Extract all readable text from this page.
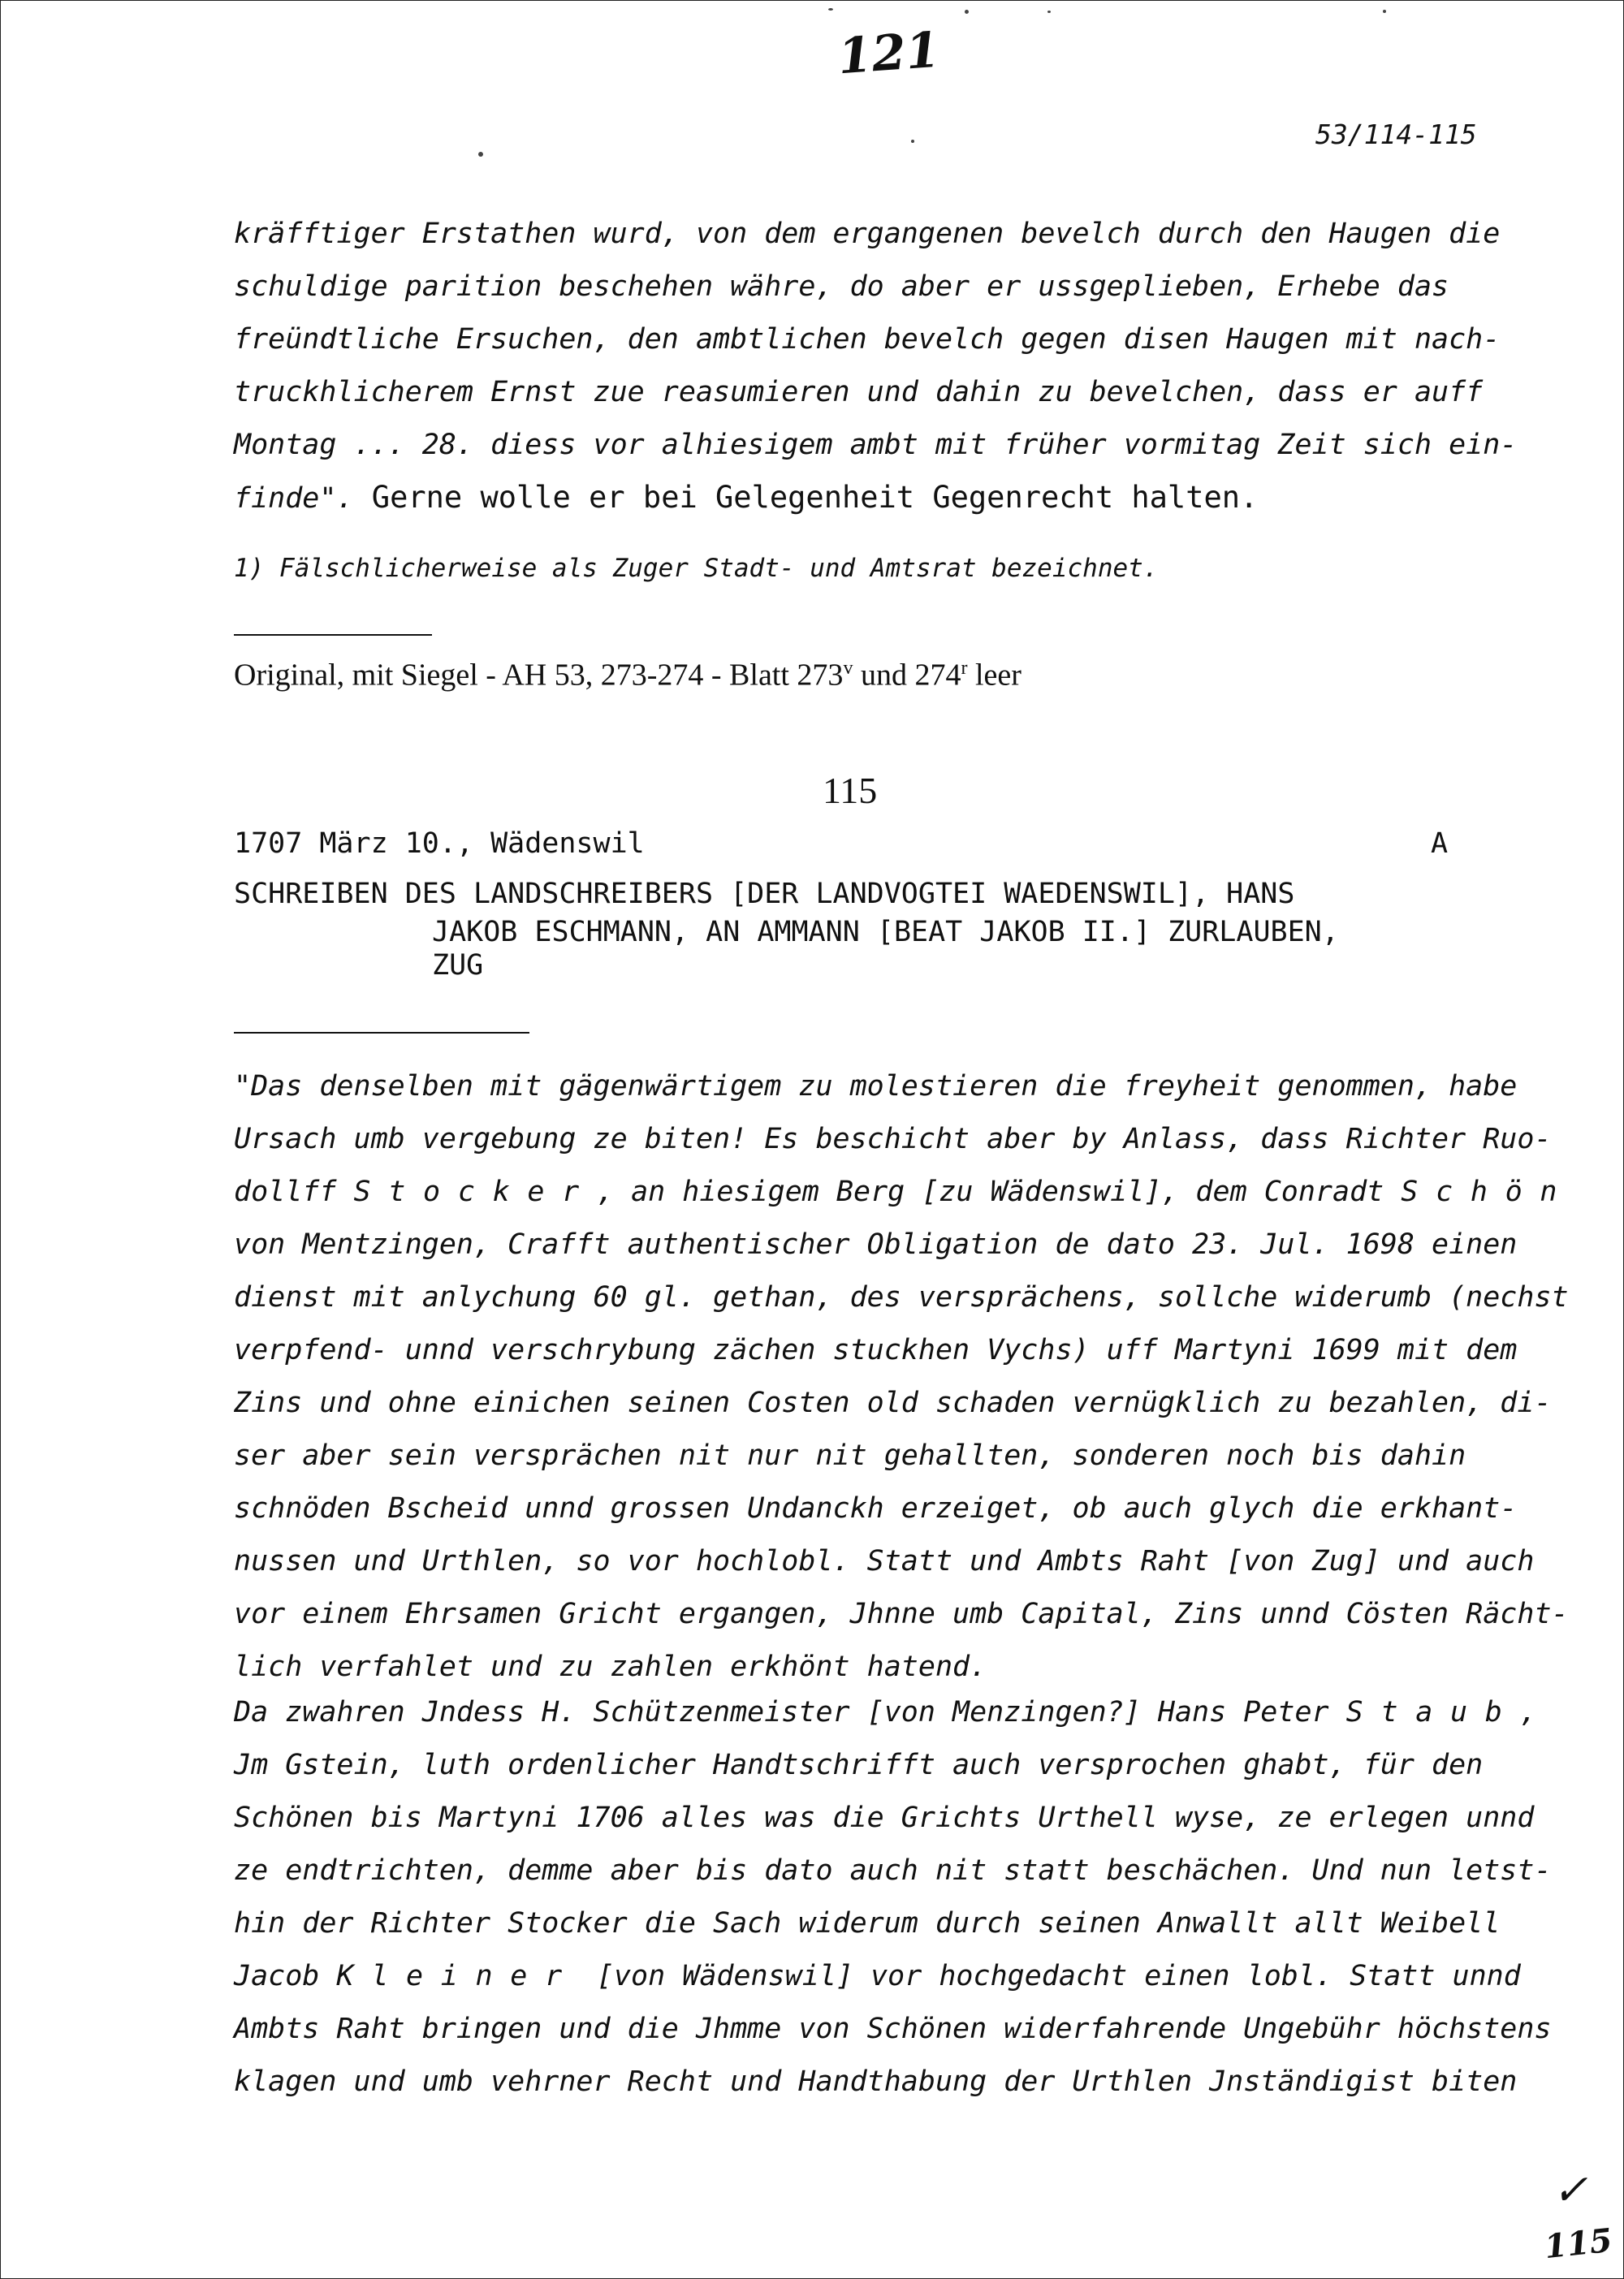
121
53/114-115
kräfftiger Erstathen wurd, von dem ergangenen bevelch durch den Haugen die
schuldige parition beschehen währe, do aber er ussgeplieben, Erhebe das
freündtliche Ersuchen, den ambtlichen bevelch gegen disen Haugen mit nach-
truckhlicherem Ernst zue reasumieren und dahin zu bevelchen, dass er auff
Montag ... 28. diess vor alhiesigem ambt mit früher vormitag Zeit sich ein-
finde". Gerne wolle er bei Gelegenheit Gegenrecht halten.
1) Fälschlicherweise als Zuger Stadt- und Amtsrat bezeichnet.
Original, mit Siegel - AH 53, 273-274 - Blatt 273$^v$ und 274$^r$ leer
115
1707 März 10., Wädenswil	A
SCHREIBEN DES LANDSCHREIBERS [DER LANDVOGTEI WAEDENSWIL], HANS
JAKOB ESCHMANN, AN AMMANN [BEAT JAKOB II.] ZURLAUBEN,
ZUG
"Das denselben mit gägenwärtigem zu molestieren die freyheit genommen, habe
Ursach umb vergebung ze biten! Es beschicht aber by Anlass, dass Richter Ruo-
dollff Stocker, an hiesigem Berg [zu Wädenswil], dem Conradt Schön
von Mentzingen, Crafft authentischer Obligation de dato 23. Jul. 1698 einen
dienst mit anlychung 60 gl. gethan, des versprächens, sollche widerumb (nechst
verpfend- unnd verschrybung zächen stuckhen Vychs) uff Martyni 1699 mit dem
Zins und ohne einichen seinen Costen old schaden vernügklich zu bezahlen, di-
ser aber sein versprächen nit nur nit gehallten, sonderen noch bis dahin
schnöden Bscheid unnd grossen Undanckh erzeiget, ob auch glych die erkhant-
nussen und Urthlen, so vor hochlobl. Statt und Ambts Raht [von Zug] und auch
vor einem Ehrsamen Gricht ergangen, Jhnne umb Capital, Zins unnd Cösten Rächt-
lich verfahlet und zu zahlen erkhönt hatend.
Da zwahren Jndess H. Schützenmeister [von Menzingen?] Hans Peter Staub,
Jm Gstein, luth ordenlicher Handtschrifft auch versprochen ghabt, für den
Schönen bis Martyni 1706 alles was die Grichts Urthell wyse, ze erlegen unnd
ze endtrichten, demme aber bis dato auch nit statt beschächen. Und nun letst-
hin der Richter Stocker die Sach widerum durch seinen Anwallt allt Weibell
Jacob Kleiner [von Wädenswil] vor hochgedacht einen lobl. Statt unnd
Ambts Raht bringen und die Jhmme von Schönen widerfahrende Ungebühr höchstens
klagen und umb vehrner Recht und Handthabung der Urthlen Jnständigist biten
✓
115
